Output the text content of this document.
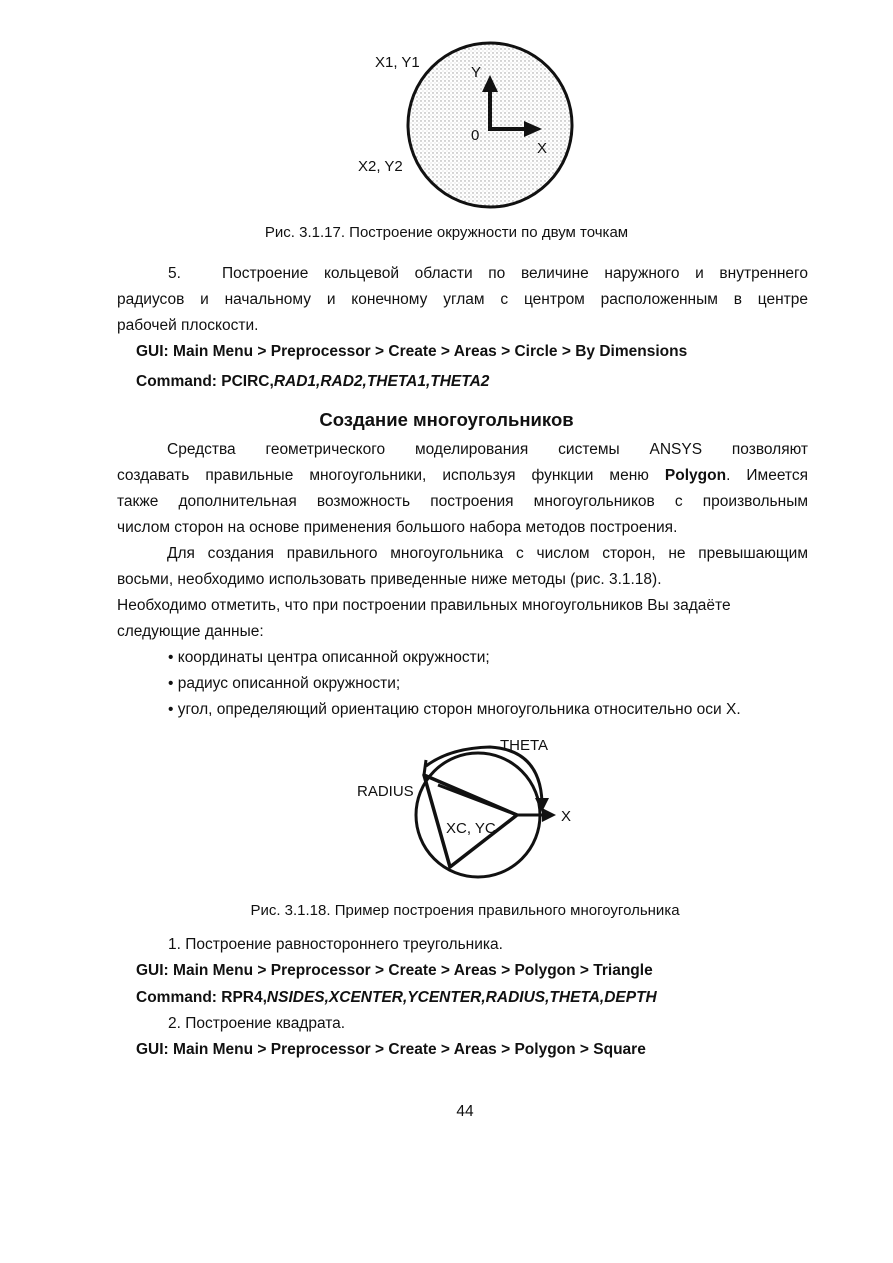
X1, Y1
X2, Y2
Y
X
0
Рис. 3.1.17. Построение окружности по двум точкам
5.	Построение кольцевой области по величине наружного и внутреннего
радиусов и начальному и конечному углам с центром расположенным в центре
рабочей плоскости.
GUI: Main Menu > Preprocessor > Create > Areas > Circle > By Dimensions
Command: PCIRC,RAD1,RAD2,THETA1,THETA2
Создание многоугольников
Средства геометрического моделирования системы ANSYS позволяют
создавать правильные многоугольники, используя функции меню Polygon. Имеется
также дополнительная возможность построения многоугольников с произвольным
числом сторон на основе применения большого набора методов построения.
Для создания правильного многоугольника с числом сторон, не превышающим
восьми, необходимо использовать приведенные ниже методы (рис. 3.1.18).
Необходимо отметить, что при построении правильных многоугольников Вы задаёте
следующие данные:
• координаты центра описанной окружности;
• радиус описанной окружности;
• угол, определяющий ориентацию сторон многоугольника относительно оси X.
THETA
RADIUS
XC, YC
X
Рис. 3.1.18. Пример построения правильного многоугольника
1. Построение равностороннего треугольника.
GUI: Main Menu > Preprocessor > Create > Areas > Polygon > Triangle
Command: RPR4,NSIDES,XCENTER,YCENTER,RADIUS,THETA,DEPTH
2. Построение квадрата.
GUI: Main Menu > Preprocessor > Create > Areas > Polygon > Square
44
